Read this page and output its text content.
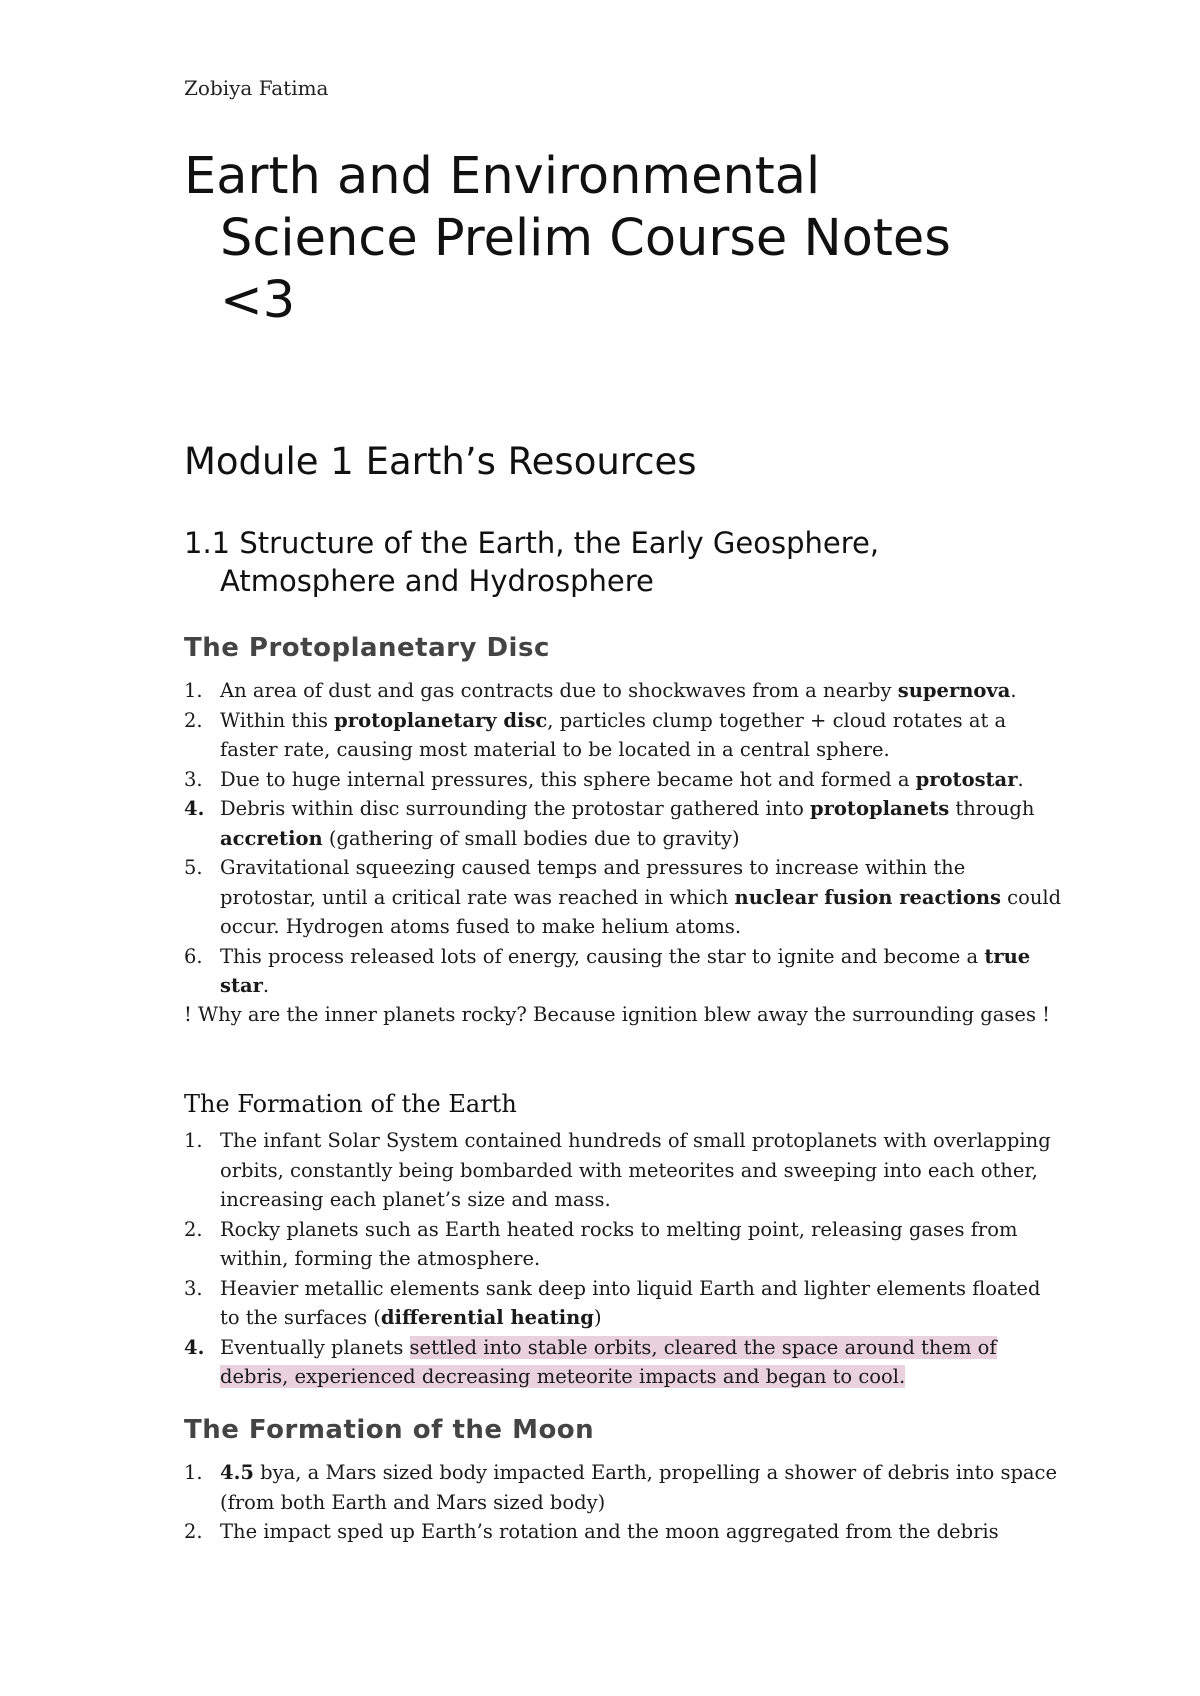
Zobiya Fatima
Earth and Environmental
Science Prelim Course Notes
<3
Module 1 Earth’s Resources
1.1 Structure of the Earth, the Early Geosphere,
Atmosphere and Hydrosphere
The Protoplanetary Disc
1. An area of dust and gas contracts due to shockwaves from a nearby supernova.
2. Within this protoplanetary disc, particles clump together + cloud rotates at a faster rate, causing most material to be located in a central sphere.
3. Due to huge internal pressures, this sphere became hot and formed a protostar.
4. Debris within disc surrounding the protostar gathered into protoplanets through accretion (gathering of small bodies due to gravity)
5. Gravitational squeezing caused temps and pressures to increase within the protostar, until a critical rate was reached in which nuclear fusion reactions could occur. Hydrogen atoms fused to make helium atoms.
6. This process released lots of energy, causing the star to ignite and become a true star.

! Why are the inner planets rocky? Because ignition blew away the surrounding gases !

The Formation of the Earth
1. The infant Solar System contained hundreds of small protoplanets with overlapping orbits, constantly being bombarded with meteorites and sweeping into each other, increasing each planet’s size and mass.
2. Rocky planets such as Earth heated rocks to melting point, releasing gases from within, forming the atmosphere.
3. Heavier metallic elements sank deep into liquid Earth and lighter elements floated to the surfaces (differential heating)
4. Eventually planets settled into stable orbits, cleared the space around them of debris, experienced decreasing meteorite impacts and began to cool.
The Formation of the Moon
1. 4.5 bya, a Mars sized body impacted Earth, propelling a shower of debris into space (from both Earth and Mars sized body)
2. The impact sped up Earth’s rotation and the moon aggregated from the debris
